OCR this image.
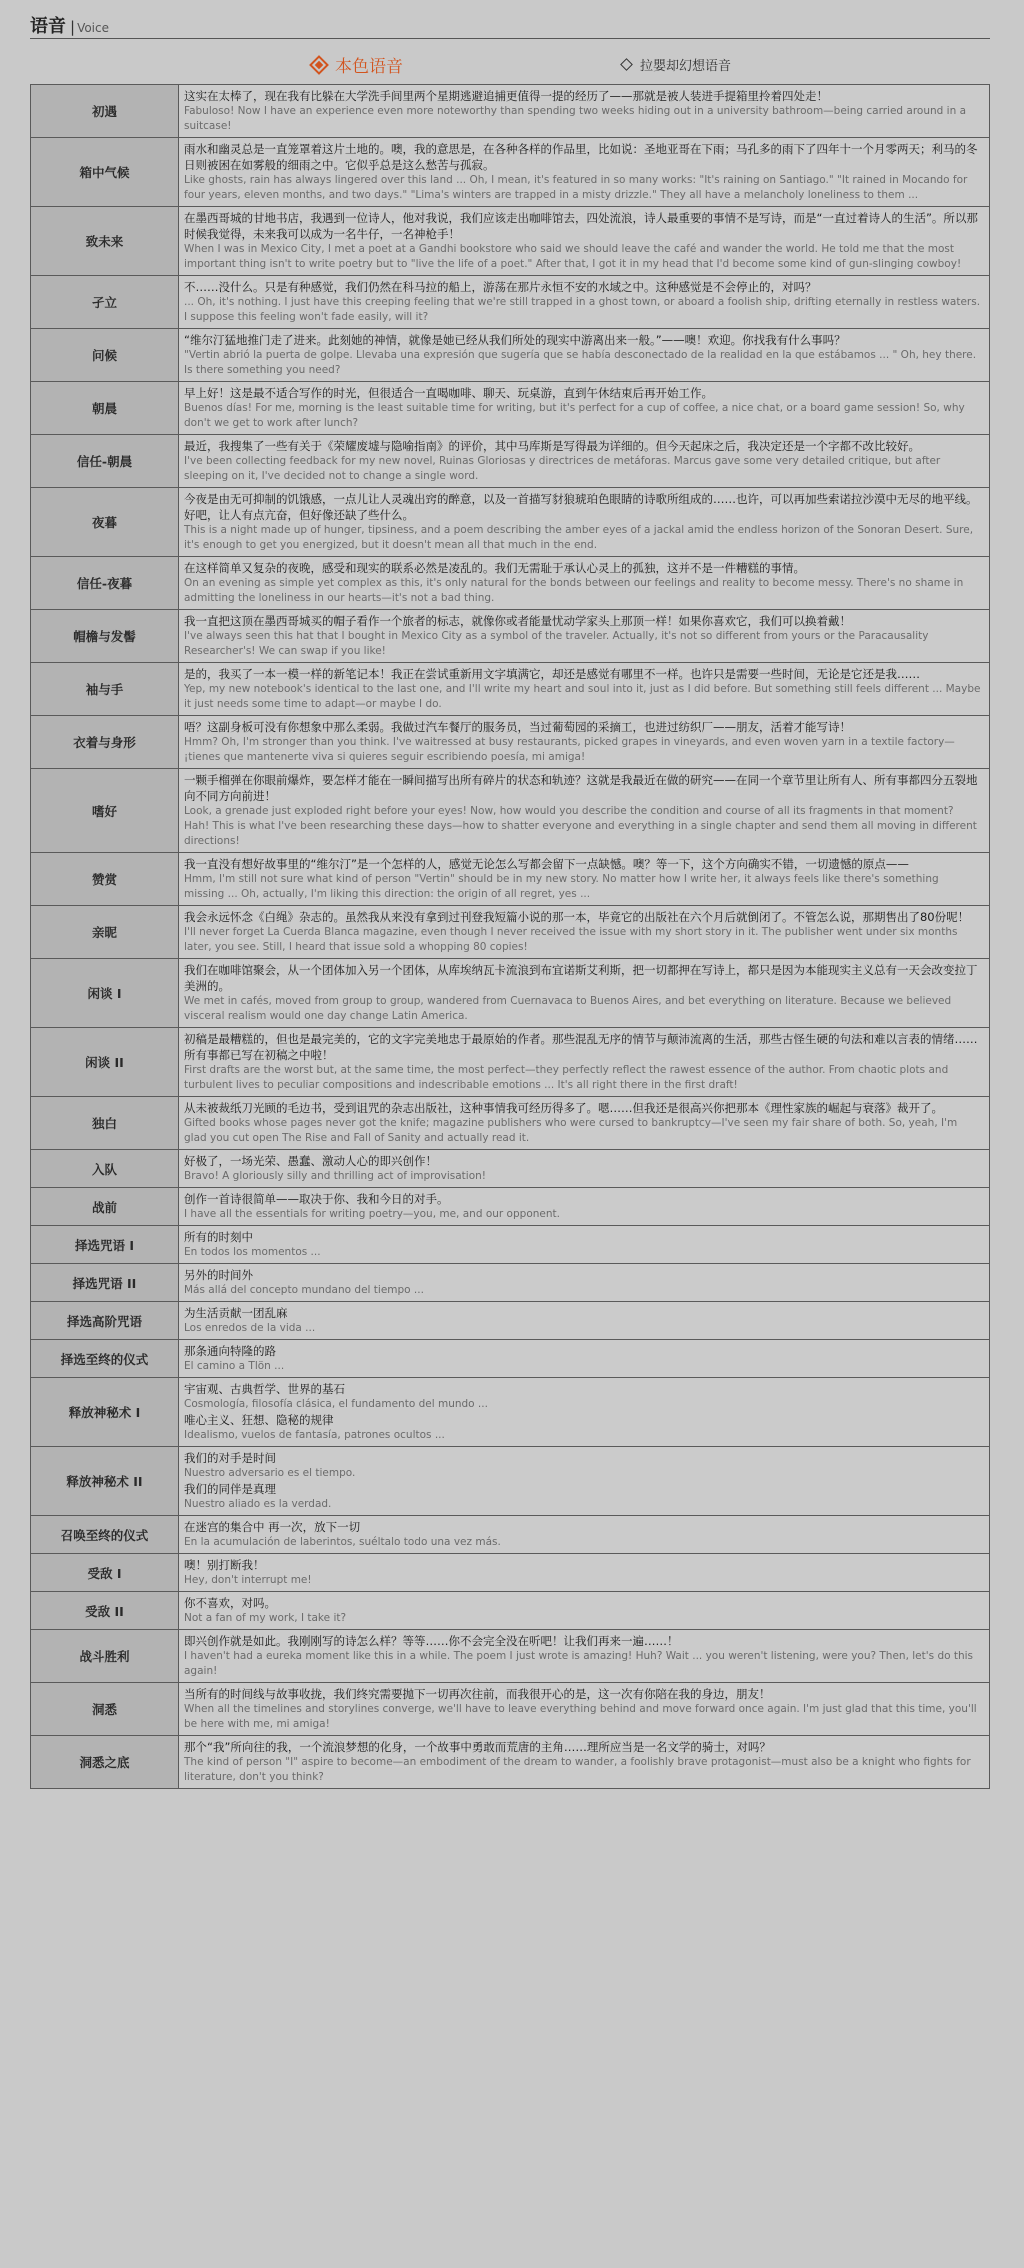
语音 | Voice
本色语音	拉嬰却幻想语音
初遇	这实在太棒了，现在我有比躲在大学洗手间里两个星期逃避追捕更值得一提的经历了——那就是被人装进手提箱里拎着四处走！
Fabuloso! Now I have an experience even more noteworthy than spending two weeks hiding out in a university bathroom—being carried around in a suitcase!

箱中气候	雨水和幽灵总是一直笼罩着这片土地的。噢，我的意思是，在各种各样的作品里，比如说：圣地亚哥在下雨；马孔多的雨下了四年十一个月零两天；利马的冬日则被困在如雾般的细雨之中。它似乎总是这么愁苦与孤寂。
Like ghosts, rain has always lingered over this land ... Oh, I mean, it's featured in so many works: "It's raining on Santiago." "It rained in Mocando for four years, eleven months, and two days." "Lima's winters are trapped in a misty drizzle." They all have a melancholy loneliness to them ...

致未来	在墨西哥城的甘地书店，我遇到一位诗人，他对我说，我们应该走出咖啡馆去，四处流浪，诗人最重要的事情不是写诗，而是“一直过着诗人的生活”。所以那时候我觉得，未来我可以成为一名牛仔，一名神枪手！
When I was in Mexico City, I met a poet at a Gandhi bookstore who said we should leave the café and wander the world. He told me that the most important thing isn't to write poetry but to "live the life of a poet." After that, I got it in my head that I'd become some kind of gun-slinging cowboy!

孑立	不……没什么。只是有种感觉，我们仍然在科马拉的船上，游荡在那片永恒不安的水域之中。这种感觉是不会停止的，对吗？
... Oh, it's nothing. I just have this creeping feeling that we're still trapped in a ghost town, or aboard a foolish ship, drifting eternally in restless waters. I suppose this feeling won't fade easily, will it?

问候	“维尔汀猛地推门走了进来。此刻她的神情，就像是她已经从我们所处的现实中游离出来一般。”——噢！欢迎。你找我有什么事吗？
"Vertin abrió la puerta de golpe. Llevaba una expresión que sugería que se había desconectado de la realidad en la que estábamos ... " Oh, hey there. Is there something you need?

朝晨	早上好！这是最不适合写作的时光，但很适合一直喝咖啡、聊天、玩桌游，直到午休结束后再开始工作。
Buenos días! For me, morning is the least suitable time for writing, but it's perfect for a cup of coffee, a nice chat, or a board game session! So, why don't we get to work after lunch?

信任-朝晨	最近，我搜集了一些有关于《荣耀废墟与隐喻指南》的评价，其中马库斯是写得最为详细的。但今天起床之后，我决定还是一个字都不改比较好。
I've been collecting feedback for my new novel, Ruinas Gloriosas y directrices de metáforas. Marcus gave some very detailed critique, but after sleeping on it, I've decided not to change a single word.

夜暮	今夜是由无可抑制的饥饿感，一点儿让人灵魂出窍的醉意，以及一首描写豺狼琥珀色眼睛的诗歌所组成的……也许，可以再加些索诺拉沙漠中无尽的地平线。好吧，让人有点亢奋，但好像还缺了些什么。
This is a night made up of hunger, tipsiness, and a poem describing the amber eyes of a jackal amid the endless horizon of the Sonoran Desert. Sure, it's enough to get you energized, but it doesn't mean all that much in the end.

信任-夜暮	在这样简单又复杂的夜晚，感受和现实的联系必然是凌乱的。我们无需耻于承认心灵上的孤独，这并不是一件糟糕的事情。
On an evening as simple yet complex as this, it's only natural for the bonds between our feelings and reality to become messy. There's no shame in admitting the loneliness in our hearts—it's not a bad thing.

帽檐与发髻	我一直把这顶在墨西哥城买的帽子看作一个旅者的标志，就像你或者能量忧动学家头上那顶一样！如果你喜欢它，我们可以换着戴！
I've always seen this hat that I bought in Mexico City as a symbol of the traveler. Actually, it's not so different from yours or the Paracausality Researcher's! We can swap if you like!

袖与手	是的，我买了一本一模一样的新笔记本！我正在尝试重新用文字填满它，却还是感觉有哪里不一样。也许只是需要一些时间，无论是它还是我……
Yep, my new notebook's identical to the last one, and I'll write my heart and soul into it, just as I did before. But something still feels different ... Maybe it just needs some time to adapt—or maybe I do.

衣着与身形	唔？这副身板可没有你想象中那么柔弱。我做过汽车餐厅的服务员，当过葡萄园的采摘工，也进过纺织厂——朋友，活着才能写诗！
Hmm? Oh, I'm stronger than you think. I've waitressed at busy restaurants, picked grapes in vineyards, and even woven yarn in a textile factory—¡tienes que mantenerte viva si quieres seguir escribiendo poesía, mi amiga!

嗜好	一颗手榴弹在你眼前爆炸，要怎样才能在一瞬间描写出所有碎片的状态和轨迹？这就是我最近在做的研究——在同一个章节里让所有人、所有事都四分五裂地向不同方向前进！
Look, a grenade just exploded right before your eyes! Now, how would you describe the condition and course of all its fragments in that moment? Hah! This is what I've been researching these days—how to shatter everyone and everything in a single chapter and send them all moving in different directions!

赞赏	我一直没有想好故事里的“维尔汀”是一个怎样的人，感觉无论怎么写都会留下一点缺憾。噢？等一下，这个方向确实不错，一切遗憾的原点——
Hmm, I'm still not sure what kind of person "Vertin" should be in my new story. No matter how I write her, it always feels like there's something missing ... Oh, actually, I'm liking this direction: the origin of all regret, yes ...

亲昵	我会永远怀念《白绳》杂志的。虽然我从来没有拿到过刊登我短篇小说的那一本，毕竟它的出版社在六个月后就倒闭了。不管怎么说，那期售出了80份呢！
I'll never forget La Cuerda Blanca magazine, even though I never received the issue with my short story in it. The publisher went under six months later, you see. Still, I heard that issue sold a whopping 80 copies!

闲谈 I	我们在咖啡馆聚会，从一个团体加入另一个团体，从库埃纳瓦卡流浪到布宜诺斯艾利斯，把一切都押在写诗上，都只是因为本能现实主义总有一天会改变拉丁美洲的。
We met in cafés, moved from group to group, wandered from Cuernavaca to Buenos Aires, and bet everything on literature. Because we believed visceral realism would one day change Latin America.

闲谈 II	初稿是最糟糕的，但也是最完美的，它的文字完美地忠于最原始的作者。那些混乱无序的情节与颠沛流离的生活，那些古怪生硬的句法和难以言表的情绪……所有事都已写在初稿之中啦！
First drafts are the worst but, at the same time, the most perfect—they perfectly reflect the rawest essence of the author. From chaotic plots and turbulent lives to peculiar compositions and indescribable emotions ... It's all right there in the first draft!

独白	从未被裁纸刀光顾的毛边书，受到诅咒的杂志出版社，这种事情我可经历得多了。嗯……但我还是很高兴你把那本《理性家族的崛起与衰落》裁开了。
Gifted books whose pages never got the knife; magazine publishers who were cursed to bankruptcy—I've seen my fair share of both. So, yeah, I'm glad you cut open The Rise and Fall of Sanity and actually read it.

入队	好极了，一场光荣、愚蠢、激动人心的即兴创作！
Bravo! A gloriously silly and thrilling act of improvisation!

战前	创作一首诗很简单——取决于你、我和今日的对手。
I have all the essentials for writing poetry—you, me, and our opponent.

择选咒语 I	所有的时刻中
En todos los momentos ...

择选咒语 II	另外的时间外
Más allá del concepto mundano del tiempo ...

择选高阶咒语	为生活贡献一团乱麻
Los enredos de la vida ...

择选至终的仪式	那条通向特隆的路
El camino a Tlön ...

释放神秘术 I	宇宙观、古典哲学、世界的基石
Cosmología, filosofía clásica, el fundamento del mundo ...
唯心主义、狂想、隐秘的规律
Idealismo, vuelos de fantasía, patrones ocultos ...

释放神秘术 II	我们的对手是时间
Nuestro adversario es el tiempo.
我们的同伴是真理
Nuestro aliado es la verdad.

召唤至终的仪式	在迷宫的集合中 再一次，放下一切
En la acumulación de laberintos, suéltalo todo una vez más.

受敌 I	噢！别打断我！
Hey, don't interrupt me!

受敌 II	你不喜欢，对吗。
Not a fan of my work, I take it?

战斗胜利	即兴创作就是如此。我刚刚写的诗怎么样？等等……你不会完全没在听吧！让我们再来一遍……！
I haven't had a eureka moment like this in a while. The poem I just wrote is amazing! Huh? Wait ... you weren't listening, were you? Then, let's do this again!

洞悉	当所有的时间线与故事收拢，我们终究需要抛下一切再次往前，而我很开心的是，这一次有你陪在我的身边，朋友！
When all the timelines and storylines converge, we'll have to leave everything behind and move forward once again. I'm just glad that this time, you'll be here with me, mi amiga!

洞悉之底	那个“我”所向往的我，一个流浪梦想的化身，一个故事中勇敢而荒唐的主角……理所应当是一名文学的骑士，对吗？
The kind of person "I" aspire to become—an embodiment of the dream to wander, a foolishly brave protagonist—must also be a knight who fights for literature, don't you think?
